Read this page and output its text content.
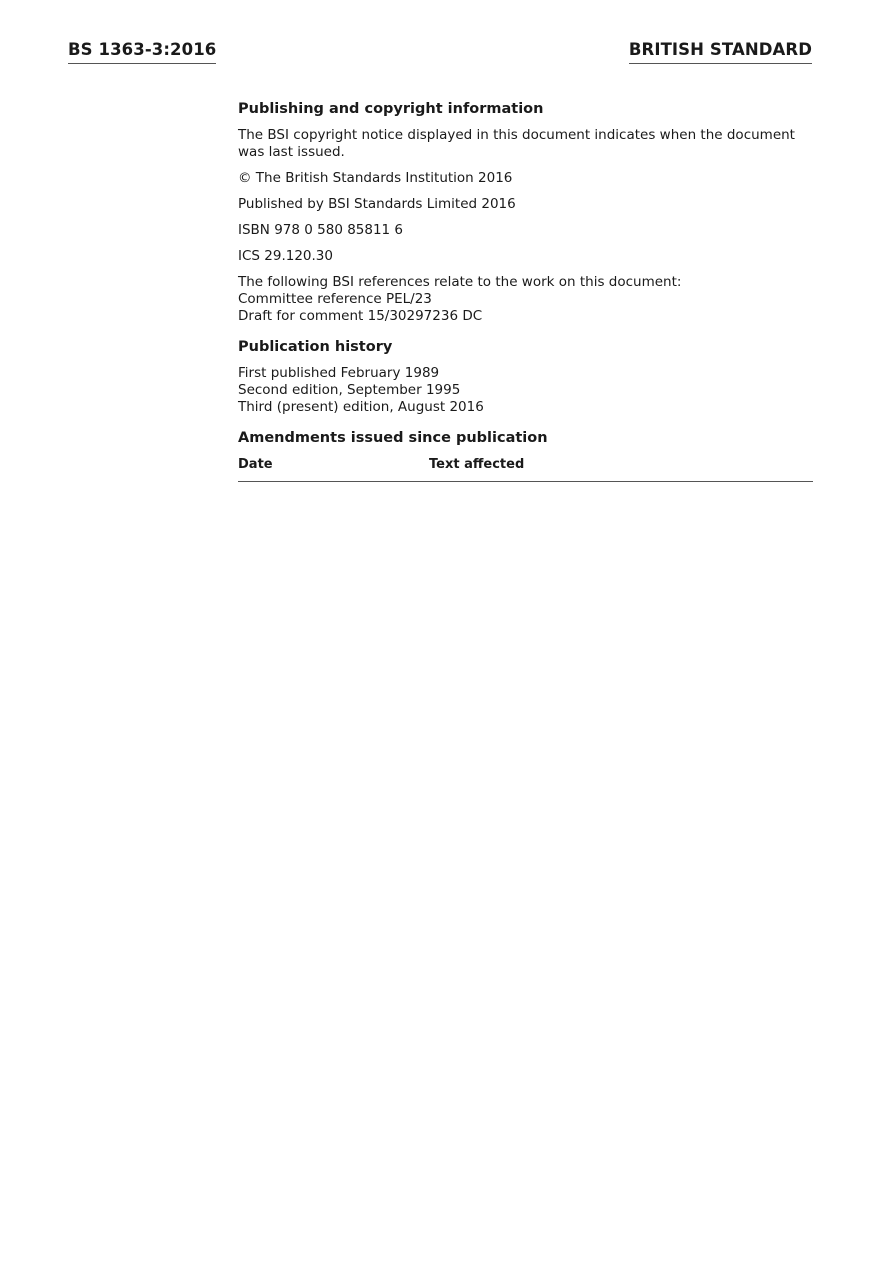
BS 1363-3:2016	BRITISH STANDARD
Publishing and copyright information
The BSI copyright notice displayed in this document indicates when the document was last issued.
© The British Standards Institution 2016
Published by BSI Standards Limited 2016
ISBN 978 0 580 85811 6
ICS 29.120.30
The following BSI references relate to the work on this document:
Committee reference PEL/23
Draft for comment 15/30297236 DC
Publication history
First published February 1989
Second edition, September 1995
Third (present) edition, August 2016
Amendments issued since publication
Date	Text affected
